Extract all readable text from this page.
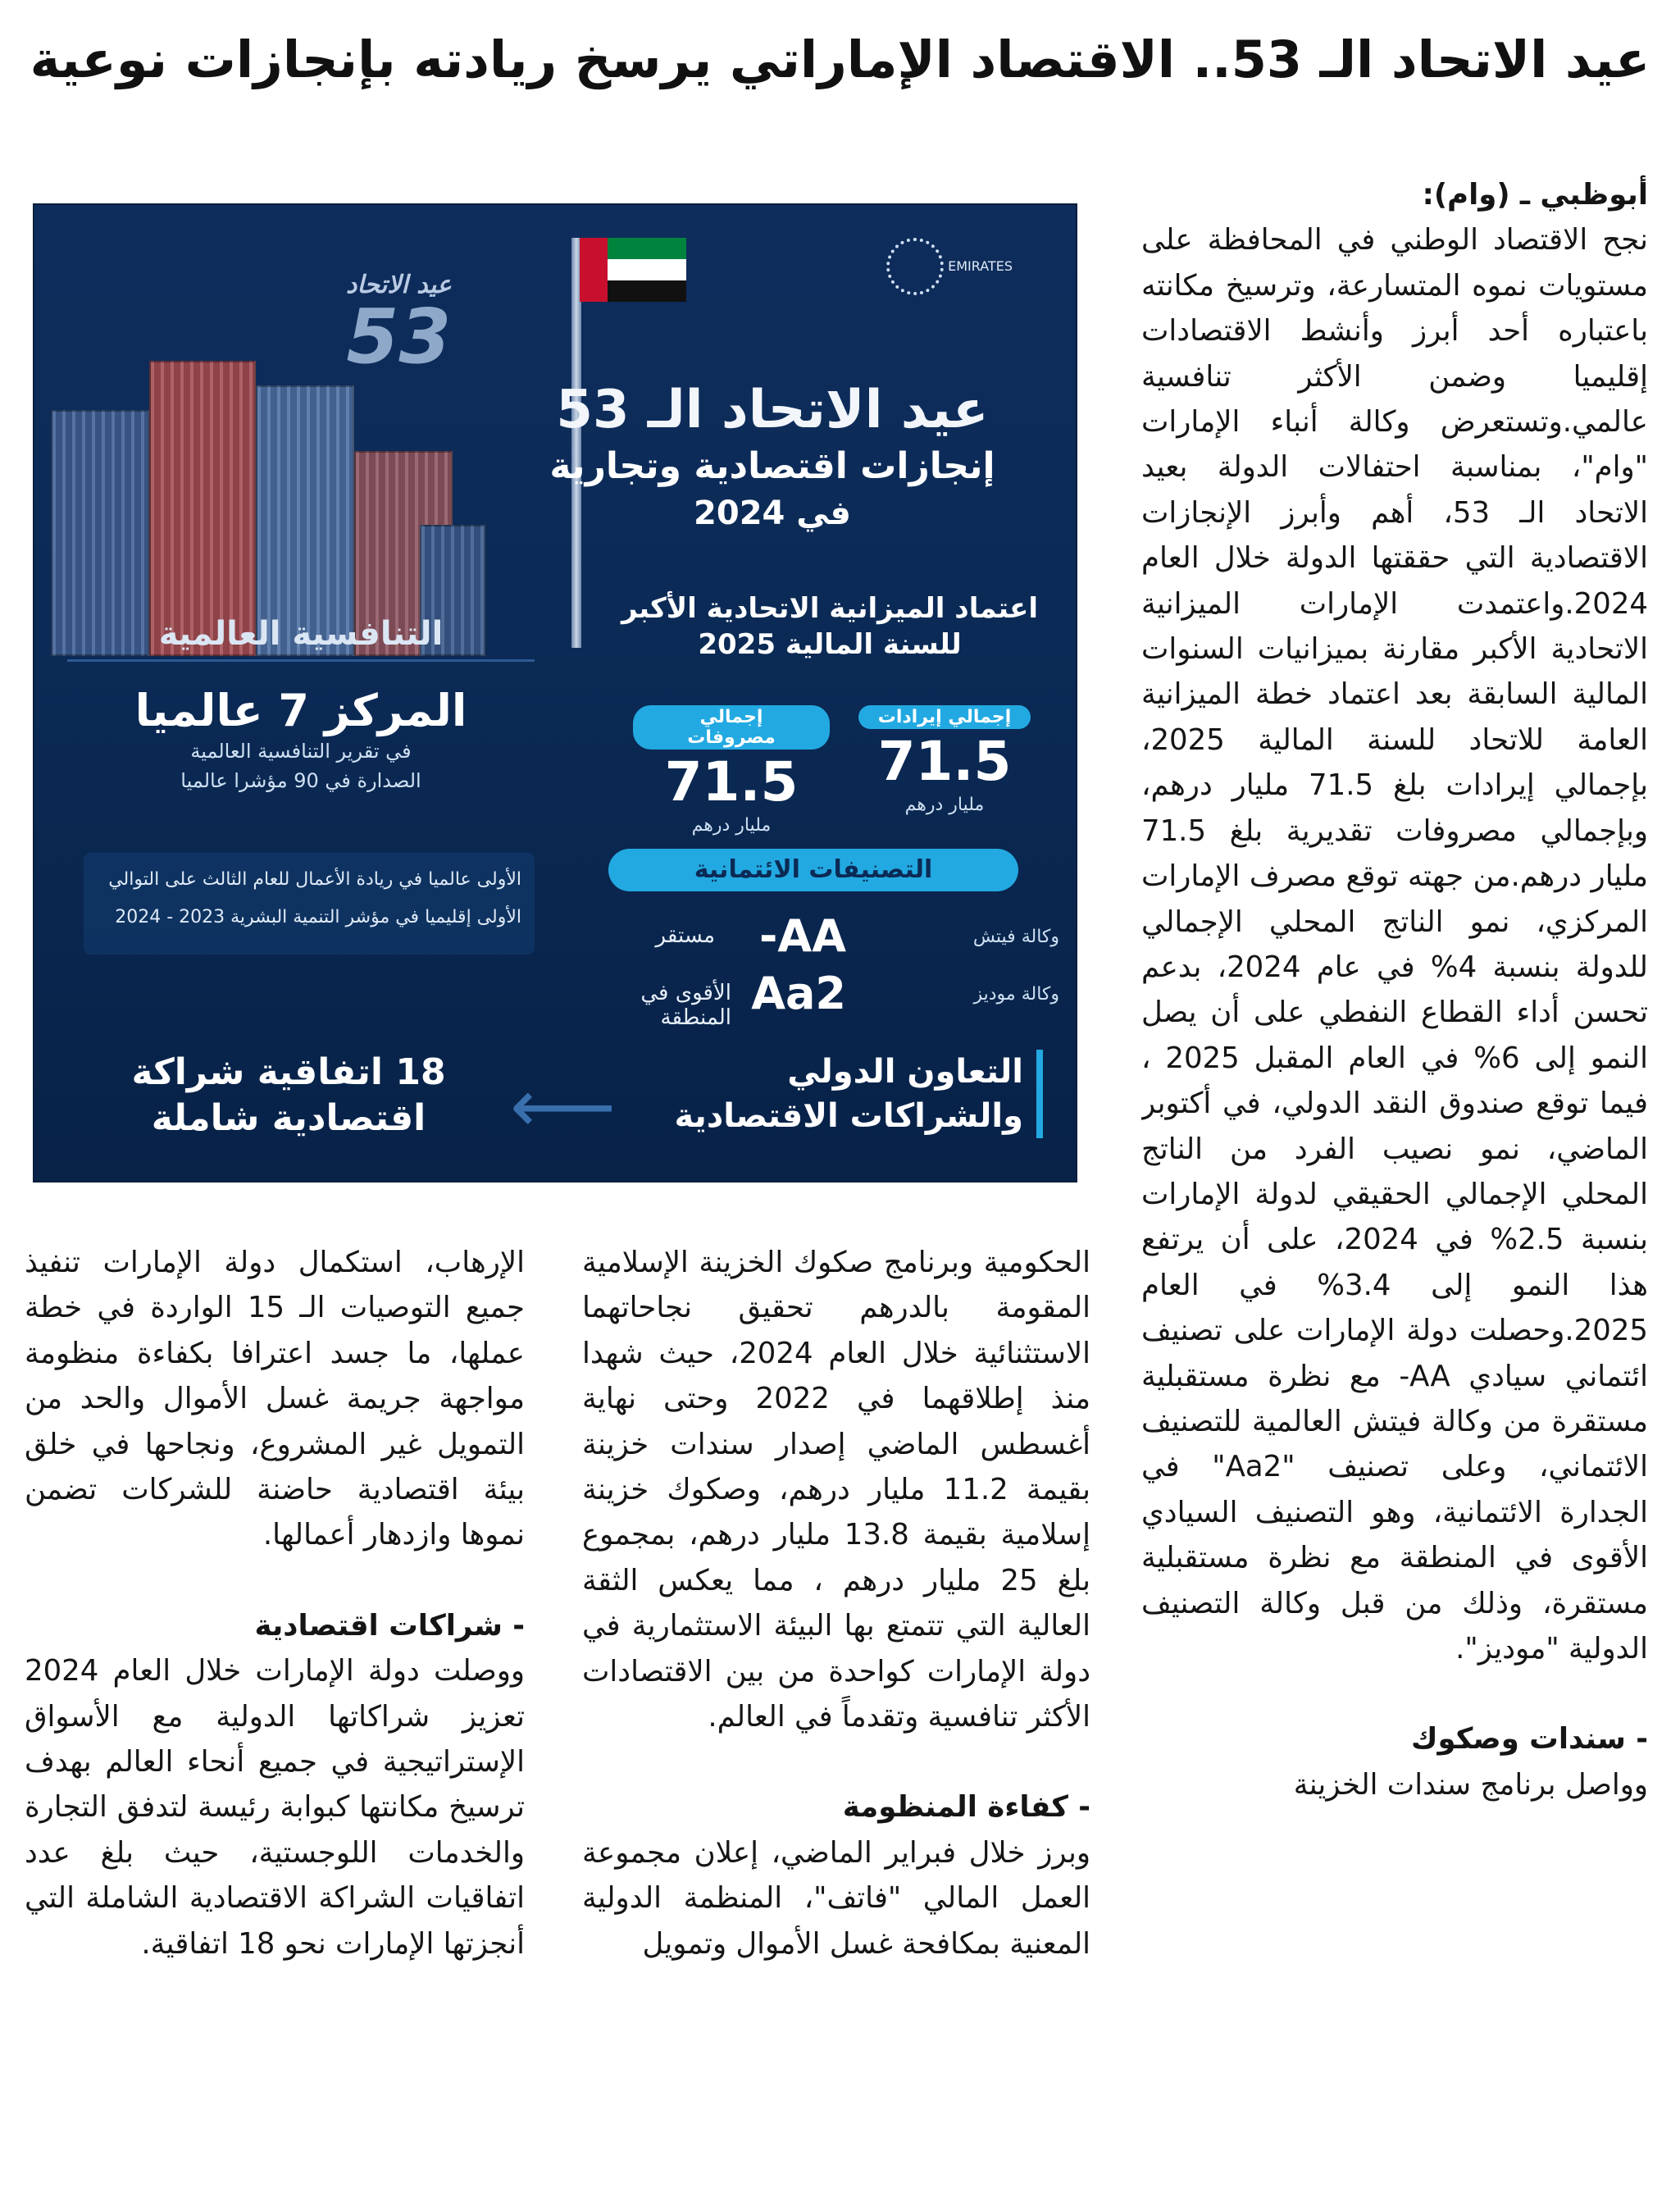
عيد الاتحاد الـ 53.. الاقتصاد الإماراتي يرسخ ريادته بإنجازات نوعية
EMIRATES
عيد الاتحاد
53
عيد الاتحاد الـ 53
إنجازات اقتصادية وتجارية
في 2024
اعتماد الميزانية الاتحادية الأكبر للسنة المالية 2025
إجمالي إيرادات
71.5
مليار درهم
إجمالي مصروفات
71.5
مليار درهم
التصنيفات الائتمانية
وكالة فيتش
AA-
مستقر
وكالة موديز
Aa2
الأقوى في المنطقة
التنافسية العالمية
المركز 7 عالميا
في تقرير التنافسية العالمية
الصدارة في 90 مؤشرا عالميا
الأولى عالميا في ريادة الأعمال للعام الثالث على التوالي
الأولى إقليميا في مؤشر التنمية البشرية 2023 - 2024
18 اتفاقية شراكة اقتصادية شاملة	⟵	التعاون الدولي والشراكات الاقتصادية

أبوظبي ـ (وام):

نجح الاقتصاد الوطني في المحافظة على مستويات نموه المتسارعة، وترسيخ مكانته باعتباره أحد أبرز وأنشط الاقتصادات إقليميا وضمن الأكثر تنافسية عالمي.وتستعرض وكالة أنباء الإمارات "وام"، بمناسبة احتفالات الدولة بعيد الاتحاد الـ 53، أهم وأبرز الإنجازات الاقتصادية التي حققتها الدولة خلال العام 2024.واعتمدت الإمارات الميزانية الاتحادية الأكبر مقارنة بميزانيات السنوات المالية السابقة بعد اعتماد خطة الميزانية العامة للاتحاد للسنة المالية 2025، بإجمالي إيرادات بلغ 71.5 مليار درهم، وبإجمالي مصروفات تقديرية بلغ 71.5 مليار درهم.من جهته توقع مصرف الإمارات المركزي، نمو الناتج المحلي الإجمالي للدولة بنسبة 4% في عام 2024، بدعم تحسن أداء القطاع النفطي على أن يصل النمو إلى 6% في العام المقبل 2025 ، فيما توقع صندوق النقد الدولي، في أكتوبر الماضي، نمو نصيب الفرد من الناتج المحلي الإجمالي الحقيقي لدولة الإمارات بنسبة 2.5% في 2024، على أن يرتفع هذا النمو إلى 3.4% في العام 2025.وحصلت دولة الإمارات على تصنيف ائتماني سيادي AA- مع نظرة مستقبلية مستقرة من وكالة فيتش العالمية للتصنيف الائتماني، وعلى تصنيف "Aa2" في الجدارة الائتمانية، وهو التصنيف السيادي الأقوى في المنطقة مع نظرة مستقبلية مستقرة، وذلك من قبل وكالة التصنيف الدولية "موديز".

- سندات وصكوك

وواصل برنامج سندات الخزينة

الحكومية وبرنامج صكوك الخزينة الإسلامية المقومة بالدرهم تحقيق نجاحاتهما الاستثنائية خلال العام 2024، حيث شهدا منذ إطلاقهما في 2022 وحتى نهاية أغسطس الماضي إصدار سندات خزينة بقيمة 11.2 مليار درهم، وصكوك خزينة إسلامية بقيمة 13.8 مليار درهم، بمجموع بلغ 25 مليار درهم ، مما يعكس الثقة العالية التي تتمتع بها البيئة الاستثمارية في دولة الإمارات كواحدة من بين الاقتصادات الأكثر تنافسية وتقدماً في العالم.

- كفاءة المنظومة

وبرز خلال فبراير الماضي، إعلان مجموعة العمل المالي "فاتف"، المنظمة الدولية المعنية بمكافحة غسل الأموال وتمويل

الإرهاب، استكمال دولة الإمارات تنفيذ جميع التوصيات الـ 15 الواردة في خطة عملها، ما جسد اعترافا بكفاءة منظومة مواجهة جريمة غسل الأموال والحد من التمويل غير المشروع، ونجاحها في خلق بيئة اقتصادية حاضنة للشركات تضمن نموها وازدهار أعمالها.

- شراكات اقتصادية

ووصلت دولة الإمارات خلال العام 2024 تعزيز شراكاتها الدولية مع الأسواق الإستراتيجية في جميع أنحاء العالم بهدف ترسيخ مكانتها كبوابة رئيسة لتدفق التجارة والخدمات اللوجستية، حيث بلغ عدد اتفاقيات الشراكة الاقتصادية الشاملة التي أنجزتها الإمارات نحو 18 اتفاقية.
